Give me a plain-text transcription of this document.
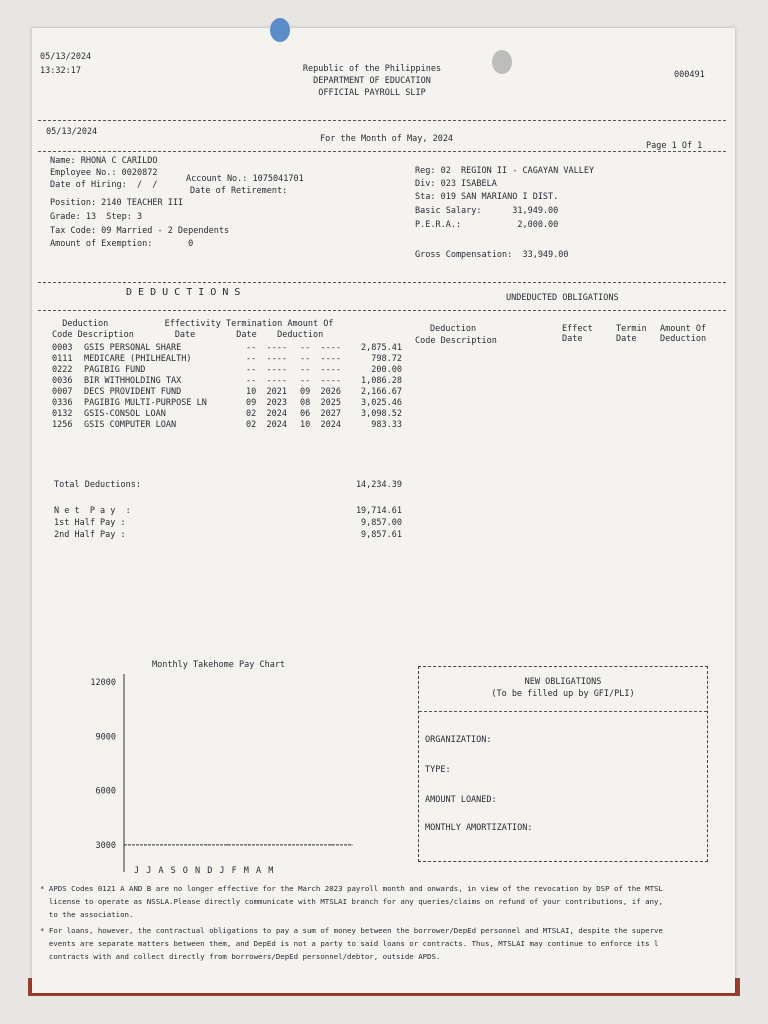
05/13/2024
13:32:17	Republic of the Philippines
DEPARTMENT OF EDUCATION
OFFICIAL PAYROLL SLIP
000491
05/13/2024
For the Month of May, 2024
Page 1 Of 1
Name: RHONA C CARILDO
Employee No.: 0020872
Account No.: 1075041701
Date of Hiring:  /  /
Date of Retirement:
Position: 2140 TEACHER III
Grade: 13  Step: 3
Tax Code: 09 Married - 2 Dependents
Amount of Exemption:       0
Reg: 02  REGION II - CAGAYAN VALLEY
Div: 023 ISABELA
Sta: 019 SAN MARIANO I DIST.
Basic Salary:      31,949.00
P.E.R.A.:           2,000.00
Gross Compensation:  33,949.00
D E D U C T I O N S	UNDEDUCTED OBLIGATIONS
Deduction           Effectivity Termination Amount Of
Code Description        Date        Date    Deduction
Deduction
Code Description
Effect
Date
Termin
Date
Amount Of
Deduction
0003 GSIS PERSONAL SHARE	--  ---- --  ----	2,875.41
0111 MEDICARE (PHILHEALTH)	--  ---- --  ----	798.72
0222 PAGIBIG FUND	--  ---- --  ----	200.00
0036 BIR WITHHOLDING TAX	--  ---- --  ----	1,086.28
0007 DECS PROVIDENT FUND	10  2021 09  2026	2,166.67
0336 PAGIBIG MULTI-PURPOSE LN	09  2023 08  2025	3,025.46
0132 GSIS-CONSOL LOAN	02  2024 06  2027	3,098.52
1256 GSIS COMPUTER LOAN	02  2024 10  2024	983.33
Total Deductions:	14,234.39
N e t  P a y  :	19,714.61
1st Half Pay :	9,857.00
2nd Half Pay :	9,857.61
Monthly Takehome Pay Chart
12000
9000
6000
3000
J J A S O N D J F M A M
NEW OBLIGATIONS
(To be filled up by GFI/PLI)
ORGANIZATION:
TYPE:
AMOUNT LOANED:
MONTHLY AMORTIZATION:
* APDS Codes 0121 A AND B are no longer effective for the March 2023 payroll month and onwards, in view of the revocation by DSP of the MTSL
license to operate as NSSLA.Please directly communicate with MTSLAI branch for any queries/claims on refund of your contributions, if any,
to the association.
* For loans, however, the contractual obligations to pay a sum of money between the borrower/DepEd personnel and MTSLAI, despite the superve
events are separate matters between them, and DepEd is not a party to said loans or contracts. Thus, MTSLAI may continue to enforce its l
contracts with and collect directly from borrowers/DepEd personnel/debtor, outside APDS.
